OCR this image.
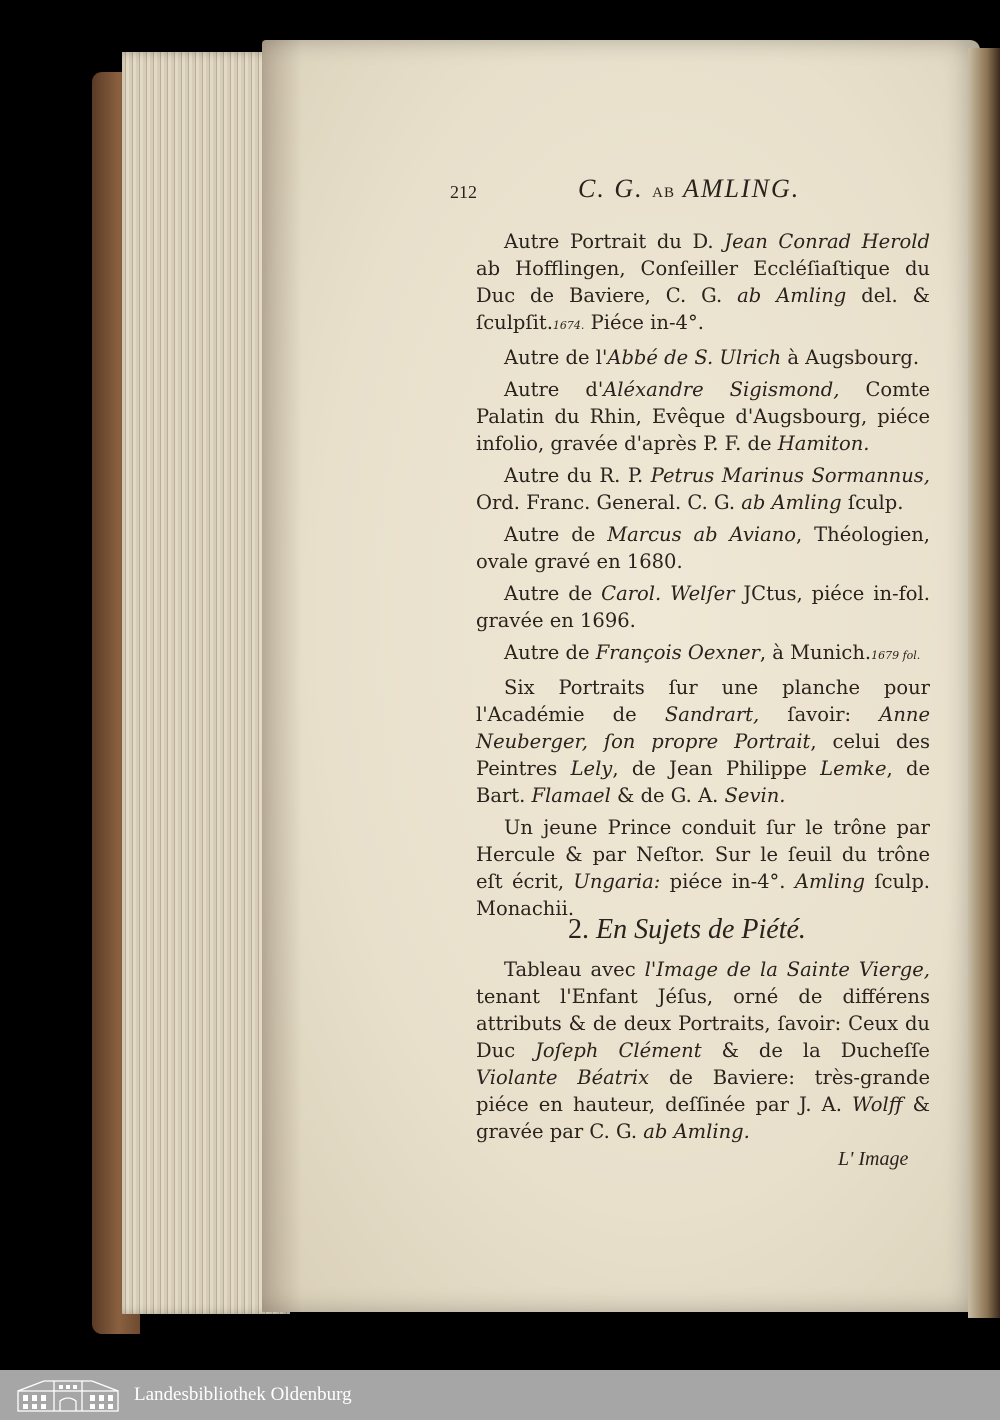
212	C. G. AB AMLING.

Autre Portrait du D. Jean Conrad Herold ab Hofflingen, Conſeiller Eccléſiaſtique du Duc de Baviere, C. G. ab Amling del. & ſculpſit.1674. Piéce in-4°.

Autre de l'Abbé de S. Ulrich à Augsbourg.

Autre d'Aléxandre Sigismond, Comte Palatin du Rhin, Evêque d'Augsbourg, piéce infolio, gravée d'après P. F. de Hamiton.

Autre du R. P. Petrus Marinus Sormannus, Ord. Franc. General. C. G. ab Amling ſculp.

Autre de Marcus ab Aviano, Théologien, ovale gravé en 1680.

Autre de Carol. Welſer JCtus, piéce in-fol. gravée en 1696.

Autre de François Oexner, à Munich.1679 fol.

Six Portraits ſur une planche pour l'Académie de Sandrart, ſavoir: Anne Neuberger, ſon propre Portrait, celui des Peintres Lely, de Jean Philippe Lemke, de Bart. Flamael & de G. A. Sevin.

Un jeune Prince conduit ſur le trône par Hercule & par Neſtor. Sur le ſeuil du trône eſt écrit, Ungaria: piéce in-4°. Amling ſculp. Monachii.

2. En Sujets de Piété.

Tableau avec l'Image de la Sainte Vierge, tenant l'Enfant Jéſus, orné de différens attributs & de deux Portraits, ſavoir: Ceux du Duc Joſeph Clément & de la Ducheſſe Violante Béatrix de Baviere: très-grande piéce en hauteur, deſſinée par J. A. Wolff & gravée par C. G. ab Amling.

L' Image
Landesbibliothek Oldenburg
